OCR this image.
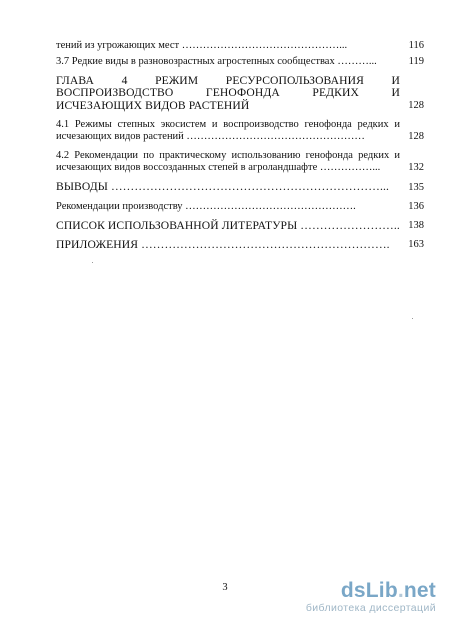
тений из угрожающих мест ………………………………………...	116
3.7 Редкие виды в разновозрастных агростепных сообществах ………...	119
ГЛАВА 4 РЕЖИМ РЕСУРСОПОЛЬЗОВАНИЯ И ВОСПРОИЗВОДСТВО ГЕНОФОНДА РЕДКИХ И ИСЧЕЗАЮЩИХ ВИДОВ РАСТЕНИЙ	128
4.1 Режимы степных экосистем и воспроизводство генофонда редких и исчезающих видов растений ……………………………………………	128
4.2 Рекомендации по практическому использованию генофонда редких и исчезающих видов воссозданных степей в агроландшафте ……………...	132
ВЫВОДЫ ……………………………………………………………...	135
Рекомендации производству ………………………………………….	136
СПИСОК ИСПОЛЬЗОВАННОЙ ЛИТЕРАТУРЫ …………………….. 138
ПРИЛОЖЕНИЯ ……………………………………………………….	163
3	dsLib.net
библиотека диссертаций
